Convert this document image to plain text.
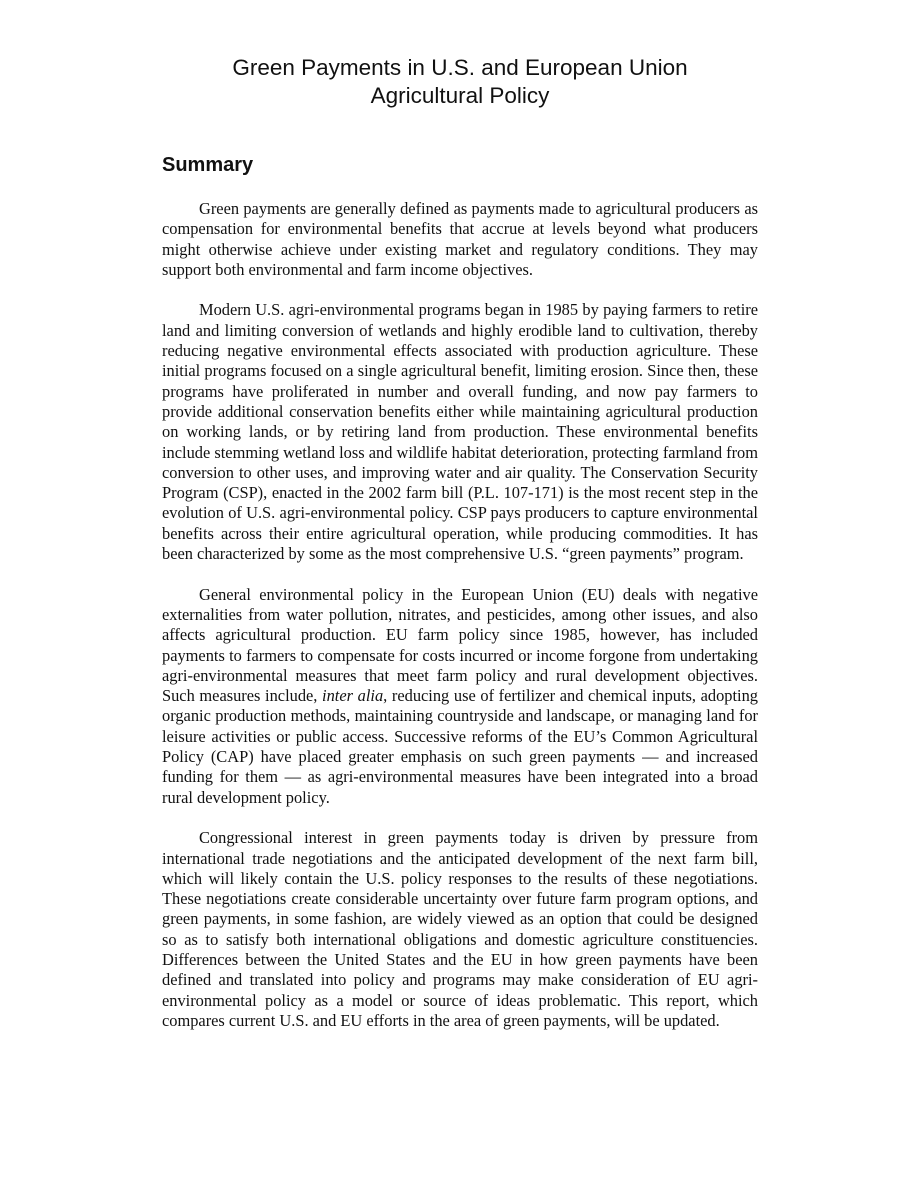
Green Payments in U.S. and European Union
Agricultural Policy
Summary

Green payments are generally defined as payments made to agricultural producers as compensation for environmental benefits that accrue at levels beyond what producers might otherwise achieve under existing market and regulatory conditions. They may support both environmental and farm income objectives.

Modern U.S. agri-environmental programs began in 1985 by paying farmers to retire land and limiting conversion of wetlands and highly erodible land to cultivation, thereby reducing negative environmental effects associated with production agriculture. These initial programs focused on a single agricultural benefit, limiting erosion. Since then, these programs have proliferated in number and overall funding, and now pay farmers to provide additional conservation benefits either while maintaining agricultural production on working lands, or by retiring land from production. These environmental benefits include stemming wetland loss and wildlife habitat deterioration, protecting farmland from conversion to other uses, and improving water and air quality. The Conservation Security Program (CSP), enacted in the 2002 farm bill (P.L. 107-171) is the most recent step in the evolution of U.S. agri-environmental policy. CSP pays producers to capture environmental benefits across their entire agricultural operation, while producing commodities. It has been characterized by some as the most comprehensive U.S. “green payments” program.

General environmental policy in the European Union (EU) deals with negative externalities from water pollution, nitrates, and pesticides, among other issues, and also affects agricultural production. EU farm policy since 1985, however, has included payments to farmers to compensate for costs incurred or income forgone from undertaking agri-environmental measures that meet farm policy and rural development objectives. Such measures include, inter alia, reducing use of fertilizer and chemical inputs, adopting organic production methods, maintaining countryside and landscape, or managing land for leisure activities or public access. Successive reforms of the EU’s Common Agricultural Policy (CAP) have placed greater emphasis on such green payments — and increased funding for them — as agri-environmental measures have been integrated into a broad rural development policy.

Congressional interest in green payments today is driven by pressure from international trade negotiations and the anticipated development of the next farm bill, which will likely contain the U.S. policy responses to the results of these negotiations. These negotiations create considerable uncertainty over future farm program options, and green payments, in some fashion, are widely viewed as an option that could be designed so as to satisfy both international obligations and domestic agriculture constituencies. Differences between the United States and the EU in how green payments have been defined and translated into policy and programs may make consideration of EU agri-environmental policy as a model or source of ideas problematic. This report, which compares current U.S. and EU efforts in the area of green payments, will be updated.
